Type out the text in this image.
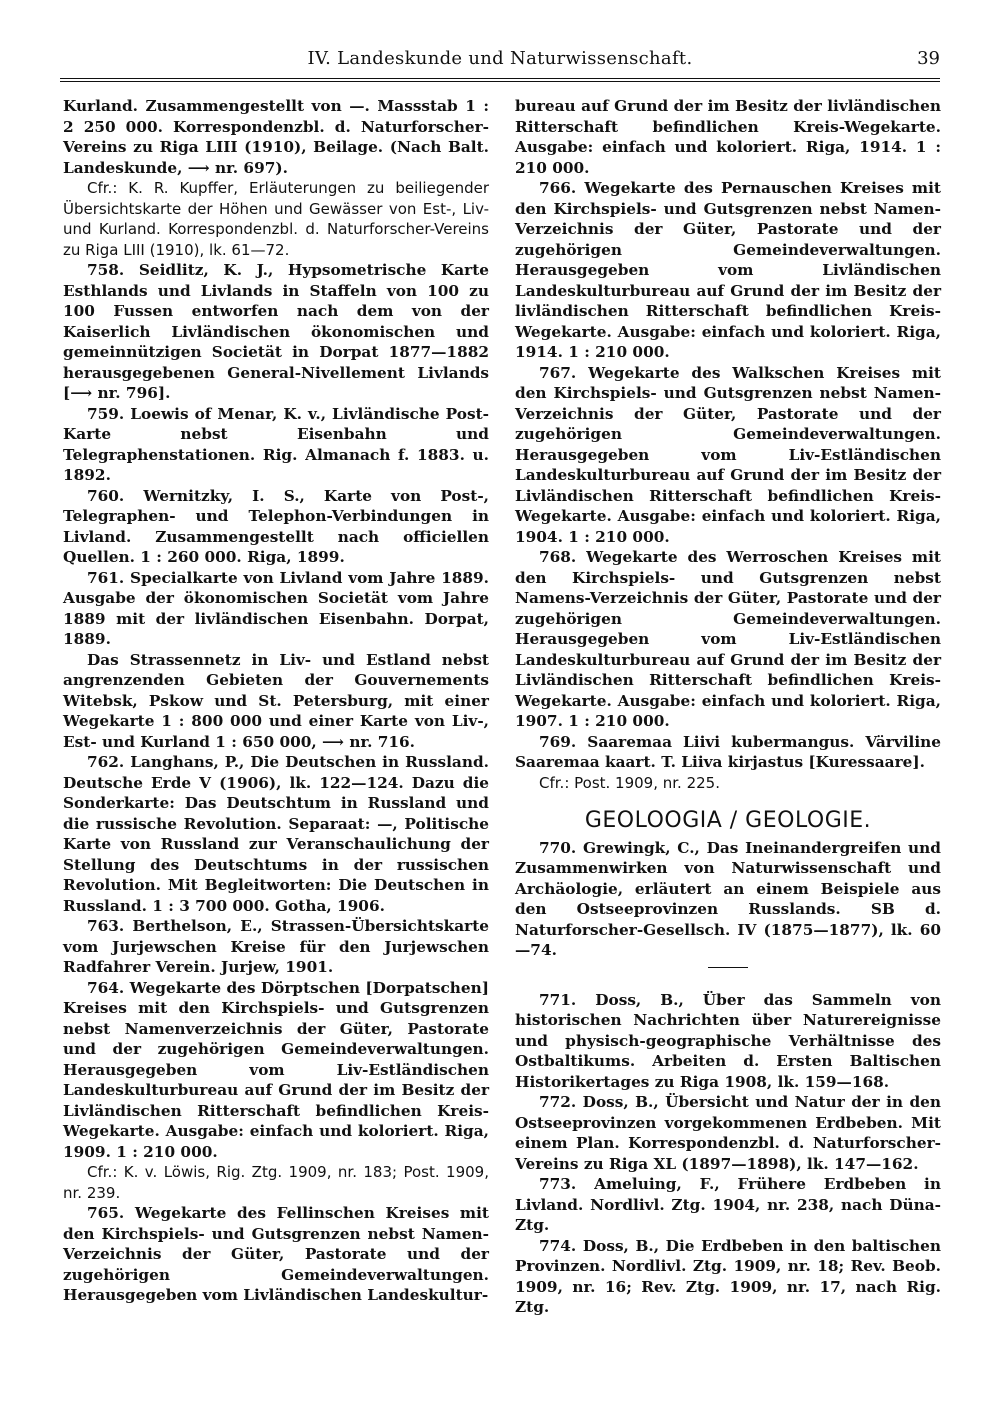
IV. Landeskunde und Naturwissenschaft.	39

Kurland. Zusammengestellt von —. Massstab 1 : 2 250 000. Korrespondenzbl. d. Naturforscher-Vereins zu Riga LIII (1910), Beilage. (Nach Balt. Landeskunde, ⟶ nr. 697).

Cfr.: K. R. Kupffer, Erläuterungen zu beiliegender Übersichtskarte der Höhen und Gewässer von Est-, Liv- und Kurland. Korrespondenzbl. d. Naturforscher-Vereins zu Riga LIII (1910), lk. 61—72.

758. Seidlitz, K. J., Hypsometrische Karte Esthlands und Livlands in Staffeln von 100 zu 100 Fussen entworfen nach dem von der Kaiserlich Livländischen ökonomischen und gemeinnützigen Societät in Dorpat 1877—1882 herausgegebenen General-Nivellement Livlands [⟶ nr. 796].

759. Loewis of Menar, K. v., Livländische Post-Karte nebst Eisenbahn und Telegraphenstationen. Rig. Almanach f. 1883. u. 1892.

760. Wernitzky, I. S., Karte von Post-, Telegraphen- und Telephon-Verbindungen in Livland. Zusammengestellt nach officiellen Quellen. 1 : 260 000. Riga, 1899.

761. Specialkarte von Livland vom Jahre 1889. Ausgabe der ökonomischen Societät vom Jahre 1889 mit der livländischen Eisenbahn. Dorpat, 1889.

Das Strassennetz in Liv- und Estland nebst angrenzenden Gebieten der Gouvernements Witebsk, Pskow und St. Petersburg, mit einer Wegekarte 1 : 800 000 und einer Karte von Liv-, Est- und Kurland 1 : 650 000, ⟶ nr. 716.

762. Langhans, P., Die Deutschen in Russland. Deutsche Erde V (1906), lk. 122—124. Dazu die Sonderkarte: Das Deutschtum in Russland und die russische Revolution. Separaat: —, Politische Karte von Russland zur Veranschaulichung der Stellung des Deutschtums in der russischen Revolution. Mit Begleitworten: Die Deutschen in Russland. 1 : 3 700 000. Gotha, 1906.

763. Berthelson, E., Strassen-Übersichtskarte vom Jurjewschen Kreise für den Jurjewschen Radfahrer Verein. Jurjew, 1901.

764. Wegekarte des Dörptschen [Dorpatschen] Kreises mit den Kirchspiels- und Gutsgrenzen nebst Namenverzeichnis der Güter, Pastorate und der zugehörigen Gemeindeverwaltungen. Herausgegeben vom Liv-Estländischen Landeskulturbureau auf Grund der im Besitz der Livländischen Ritterschaft befindlichen Kreis-Wegekarte. Ausgabe: einfach und koloriert. Riga, 1909. 1 : 210 000.

Cfr.: K. v. Löwis, Rig. Ztg. 1909, nr. 183; Post. 1909, nr. 239.

765. Wegekarte des Fellinschen Kreises mit den Kirchspiels- und Gutsgrenzen nebst Namen-Verzeichnis der Güter, Pastorate und der zugehörigen Gemeindeverwaltungen. Herausgegeben vom Livländischen Landeskultur-

bureau auf Grund der im Besitz der livländischen Ritterschaft befindlichen Kreis-Wegekarte. Ausgabe: einfach und koloriert. Riga, 1914. 1 : 210 000.

766. Wegekarte des Pernauschen Kreises mit den Kirchspiels- und Gutsgrenzen nebst Namen-Verzeichnis der Güter, Pastorate und der zugehörigen Gemeindeverwaltungen. Herausgegeben vom Livländischen Landeskulturbureau auf Grund der im Besitz der livländischen Ritterschaft befindlichen Kreis-Wegekarte. Ausgabe: einfach und koloriert. Riga, 1914. 1 : 210 000.

767. Wegekarte des Walkschen Kreises mit den Kirchspiels- und Gutsgrenzen nebst Namen-Verzeichnis der Güter, Pastorate und der zugehörigen Gemeindeverwaltungen. Herausgegeben vom Liv-Estländischen Landeskulturbureau auf Grund der im Besitz der Livländischen Ritterschaft befindlichen Kreis-Wegekarte. Ausgabe: einfach und koloriert. Riga, 1904. 1 : 210 000.

768. Wegekarte des Werroschen Kreises mit den Kirchspiels- und Gutsgrenzen nebst Namens-Verzeichnis der Güter, Pastorate und der zugehörigen Gemeindeverwaltungen. Herausgegeben vom Liv-Estländischen Landeskulturbureau auf Grund der im Besitz der Livländischen Ritterschaft befindlichen Kreis-Wegekarte. Ausgabe: einfach und koloriert. Riga, 1907. 1 : 210 000.

769. Saaremaa Liivi kubermangus. Värviline Saaremaa kaart. T. Liiva kirjastus [Kuressaare].

Cfr.: Post. 1909, nr. 225.

GEOLOOGIA / GEOLOGIE.

770. Grewingk, C., Das Ineinandergreifen und Zusammenwirken von Naturwissenschaft und Archäologie, erläutert an einem Beispiele aus den Ostseeprovinzen Russlands. SB d. Naturforscher-Gesellsch. IV (1875—1877), lk. 60—74.

771. Doss, B., Über das Sammeln von historischen Nachrichten über Naturereignisse und physisch-geographische Verhältnisse des Ostbaltikums. Arbeiten d. Ersten Baltischen Historikertages zu Riga 1908, lk. 159—168.

772. Doss, B., Übersicht und Natur der in den Ostseeprovinzen vorgekommenen Erdbeben. Mit einem Plan. Korrespondenzbl. d. Naturforscher-Vereins zu Riga XL (1897—1898), lk. 147—162.

773. Ameluing, F., Frühere Erdbeben in Livland. Nordlivl. Ztg. 1904, nr. 238, nach Düna-Ztg.

774. Doss, B., Die Erdbeben in den baltischen Provinzen. Nordlivl. Ztg. 1909, nr. 18; Rev. Beob. 1909, nr. 16; Rev. Ztg. 1909, nr. 17, nach Rig. Ztg.
